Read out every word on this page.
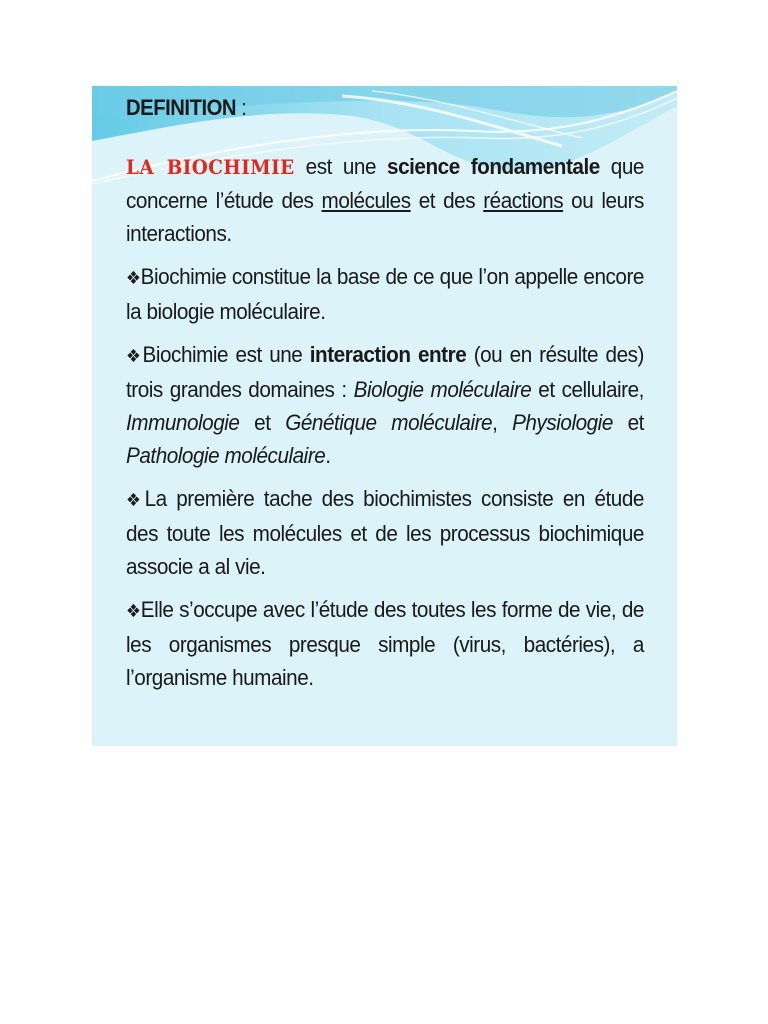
DEFINITION :

LA BIOCHIMIE est une science fondamentale que concerne l’étude des molécules et des réactions ou leurs interactions.

❖Biochimie constitue la base de ce que l’on appelle encore la biologie moléculaire.

❖Biochimie est une interaction entre (ou en résulte des) trois grandes domaines : Biologie moléculaire et cellulaire, Immunologie et Génétique moléculaire, Physiologie et Pathologie moléculaire.

❖La première tache des biochimistes consiste en étude des toute les molécules et de les processus biochimique associe a al vie.

❖Elle s’occupe avec l’étude des toutes les forme de vie, de les organismes presque simple (virus, bactéries), a l’organisme humaine.
